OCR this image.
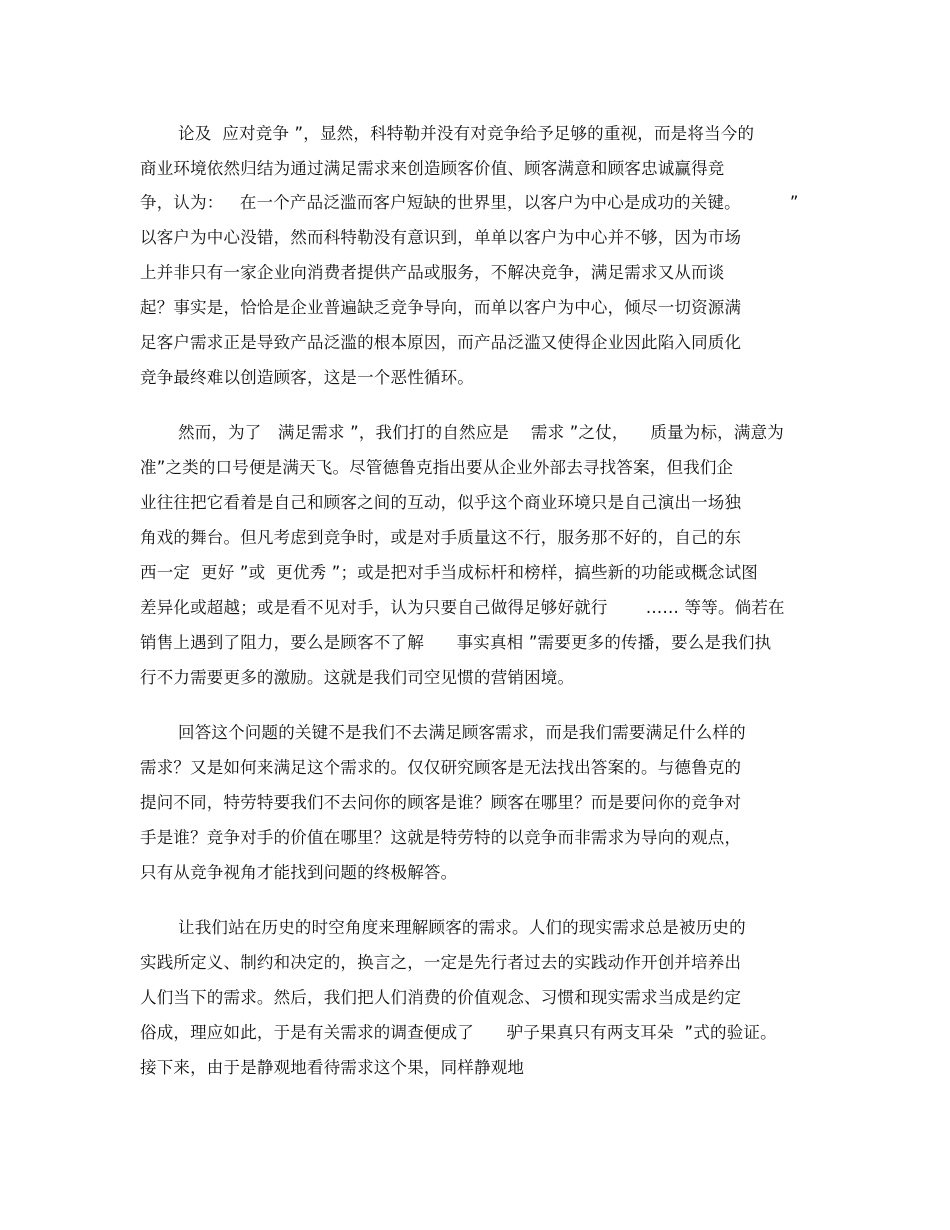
论及  应对竞争 ”，显然，科特勒并没有对竞争给予足够的重视，而是将当今的
商业环境依然归结为通过满足需求来创造顾客价值、顾客满意和顾客忠诚赢得竞
争，认为：   在一个产品泛滥而客户短缺的世界里，以客户为中心是成功的关键。         ”
以客户为中心没错，然而科特勒没有意识到，单单以客户为中心并不够，因为市场
上并非只有一家企业向消费者提供产品或服务，不解决竞争，满足需求又从而谈
起？事实是，恰恰是企业普遍缺乏竞争导向，而单以客户为中心，倾尽一切资源满
足客户需求正是导致产品泛滥的根本原因，而产品泛滥又使得企业因此陷入同质化
竞争最终难以创造顾客，这是一个恶性循环。
然而，为了   满足需求 ”，我们打的自然应是    需求 ”之仗，    质量为标，满意为
准”之类的口号便是满天飞。尽管德鲁克指出要从企业外部去寻找答案，但我们企
业往往把它看着是自己和顾客之间的互动，似乎这个商业环境只是自己演出一场独
角戏的舞台。但凡考虑到竞争时，或是对手质量这不行，服务那不好的，自己的东
西一定  更好 ”或  更优秀 ”；或是把对手当成标杆和榜样，搞些新的功能或概念试图
差异化或超越；或是看不见对手，认为只要自己做得足够好就行       …… 等等。倘若在
销售上遇到了阻力，要么是顾客不了解      事实真相 ”需要更多的传播，要么是我们执
行不力需要更多的激励。这就是我们司空见惯的营销困境。
回答这个问题的关键不是我们不去满足顾客需求，而是我们需要满足什么样的
需求？又是如何来满足这个需求的。仅仅研究顾客是无法找出答案的。与德鲁克的
提问不同，特劳特要我们不去问你的顾客是谁？顾客在哪里？而是要问你的竞争对
手是谁？竞争对手的价值在哪里？这就是特劳特的以竞争而非需求为导向的观点，
只有从竞争视角才能找到问题的终极解答。
让我们站在历史的时空角度来理解顾客的需求。人们的现实需求总是被历史的
实践所定义、制约和决定的，换言之，一定是先行者过去的实践动作开创并培养出
人们当下的需求。然后，我们把人们消费的价值观念、习惯和现实需求当成是约定
俗成，理应如此，于是有关需求的调查便成了      驴子果真只有两支耳朵  ”式的验证。
接下来，由于是静观地看待需求这个果，同样静观地
